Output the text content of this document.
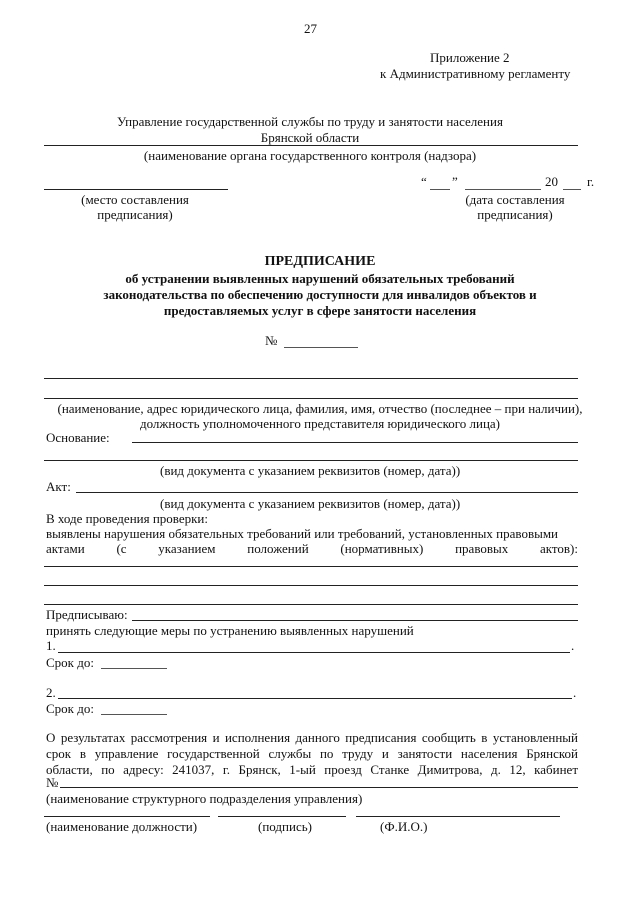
27
Приложение 2
к Административному регламенту
Управление государственной службы по труду и занятости населения
Брянской области
(наименование органа государственного контроля (надзора)
(место составления
предписания)
“ ”	20 г.
(дата составления
предписания)
ПРЕДПИСАНИЕ
об устранении выявленных нарушений обязательных требований
законодательства по обеспечению доступности для инвалидов объектов и
предоставляемых услуг в сфере занятости населения
№
(наименование, адрес юридического лица, фамилия, имя, отчество (последнее – при наличии),
должность уполномоченного представителя юридического лица)
Основание:
(вид документа с указанием реквизитов (номер, дата))
Акт:
(вид документа с указанием реквизитов (номер, дата))
В ходе проведения проверки:
выявлены нарушения обязательных требований или требований, установленных правовыми
актами (с указанием положений (нормативных) правовых актов):
Предписываю:
принять следующие меры по устранению выявленных нарушений
1.	.
Срок до:
2.	.
Срок до:
О результатах рассмотрения и исполнения данного предписания сообщить в установленный
срок в управление государственной службы по труду и занятости населения Брянской
области, по адресу: 241037, г. Брянск, 1-ый проезд Станке Димитрова, д. 12, кабинет
№
(наименование структурного подразделения управления)
(наименование должности)	(подпись)	(Ф.И.О.)
